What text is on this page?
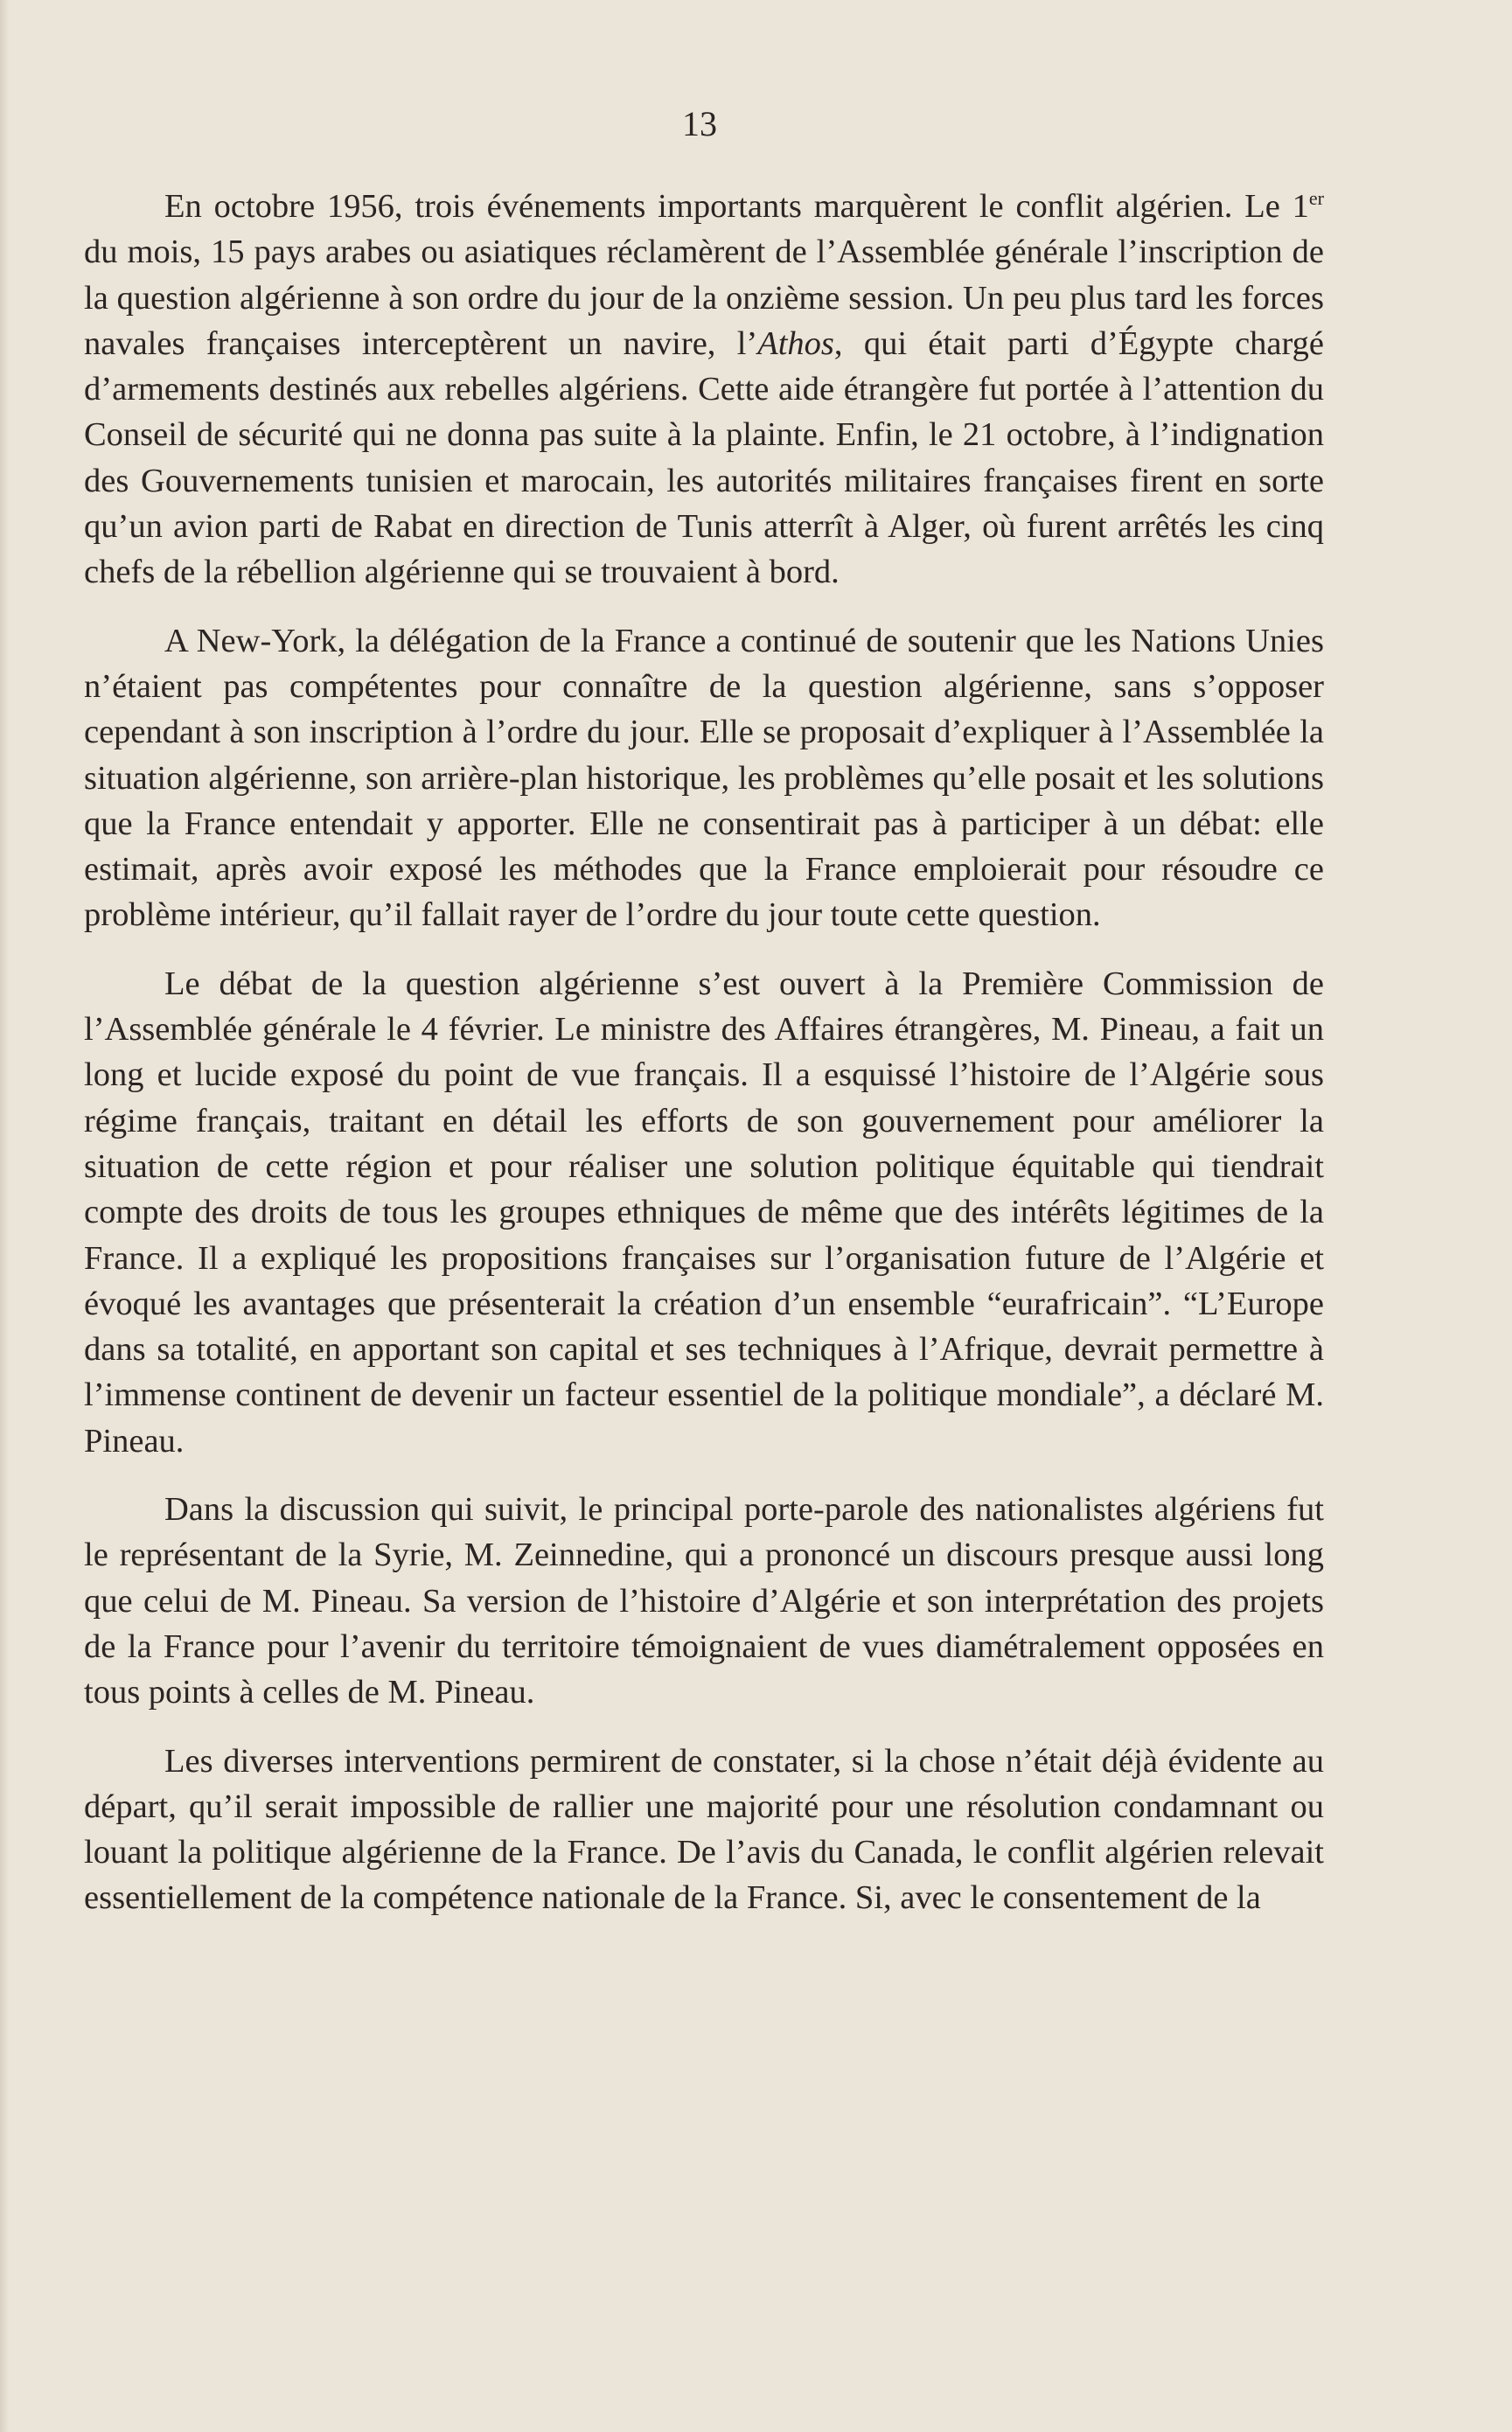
13

En octobre 1956, trois événements importants marquèrent le conflit algérien. Le 1er du mois, 15 pays arabes ou asiatiques réclamèrent de l’Assemblée générale l’inscription de la question algérienne à son ordre du jour de la onzième session. Un peu plus tard les forces navales françaises interceptèrent un navire, l’Athos, qui était parti d’Égypte chargé d’armements destinés aux rebelles algériens. Cette aide étrangère fut portée à l’attention du Conseil de sécurité qui ne donna pas suite à la plainte. Enfin, le 21 octobre, à l’indignation des Gouvernements tunisien et marocain, les autorités militaires françaises firent en sorte qu’un avion parti de Rabat en direction de Tunis atterrît à Alger, où furent arrêtés les cinq chefs de la rébellion algérienne qui se trouvaient à bord.

A New-York, la délégation de la France a continué de soutenir que les Nations Unies n’étaient pas compétentes pour connaître de la question algérienne, sans s’opposer cependant à son inscription à l’ordre du jour. Elle se proposait d’expliquer à l’Assemblée la situation algérienne, son arrière-plan historique, les problèmes qu’elle posait et les solutions que la France entendait y apporter. Elle ne consentirait pas à participer à un débat: elle estimait, après avoir exposé les méthodes que la France emploierait pour résoudre ce problème intérieur, qu’il fallait rayer de l’ordre du jour toute cette question.

Le débat de la question algérienne s’est ouvert à la Première Commission de l’Assemblée générale le 4 février. Le ministre des Affaires étrangères, M. Pineau, a fait un long et lucide exposé du point de vue français. Il a esquissé l’histoire de l’Algérie sous régime français, traitant en détail les efforts de son gouvernement pour améliorer la situation de cette région et pour réaliser une solution politique équitable qui tiendrait compte des droits de tous les groupes ethniques de même que des intérêts légitimes de la France. Il a expliqué les propositions françaises sur l’organisation future de l’Algérie et évoqué les avantages que présenterait la création d’un ensemble “eurafricain”. “L’Europe dans sa totalité, en apportant son capital et ses techniques à l’Afrique, devrait permettre à l’immense continent de devenir un facteur essentiel de la politique mondiale”, a déclaré M. Pineau.

Dans la discussion qui suivit, le principal porte-parole des nationalistes algériens fut le représentant de la Syrie, M. Zeinnedine, qui a prononcé un discours presque aussi long que celui de M. Pineau. Sa version de l’histoire d’Algérie et son interprétation des projets de la France pour l’avenir du territoire témoignaient de vues diamétralement opposées en tous points à celles de M. Pineau.

Les diverses interventions permirent de constater, si la chose n’était déjà évidente au départ, qu’il serait impossible de rallier une majorité pour une résolution condamnant ou louant la politique algérienne de la France. De l’avis du Canada, le conflit algérien relevait essentiellement de la compétence nationale de la France. Si, avec le consentement de la
